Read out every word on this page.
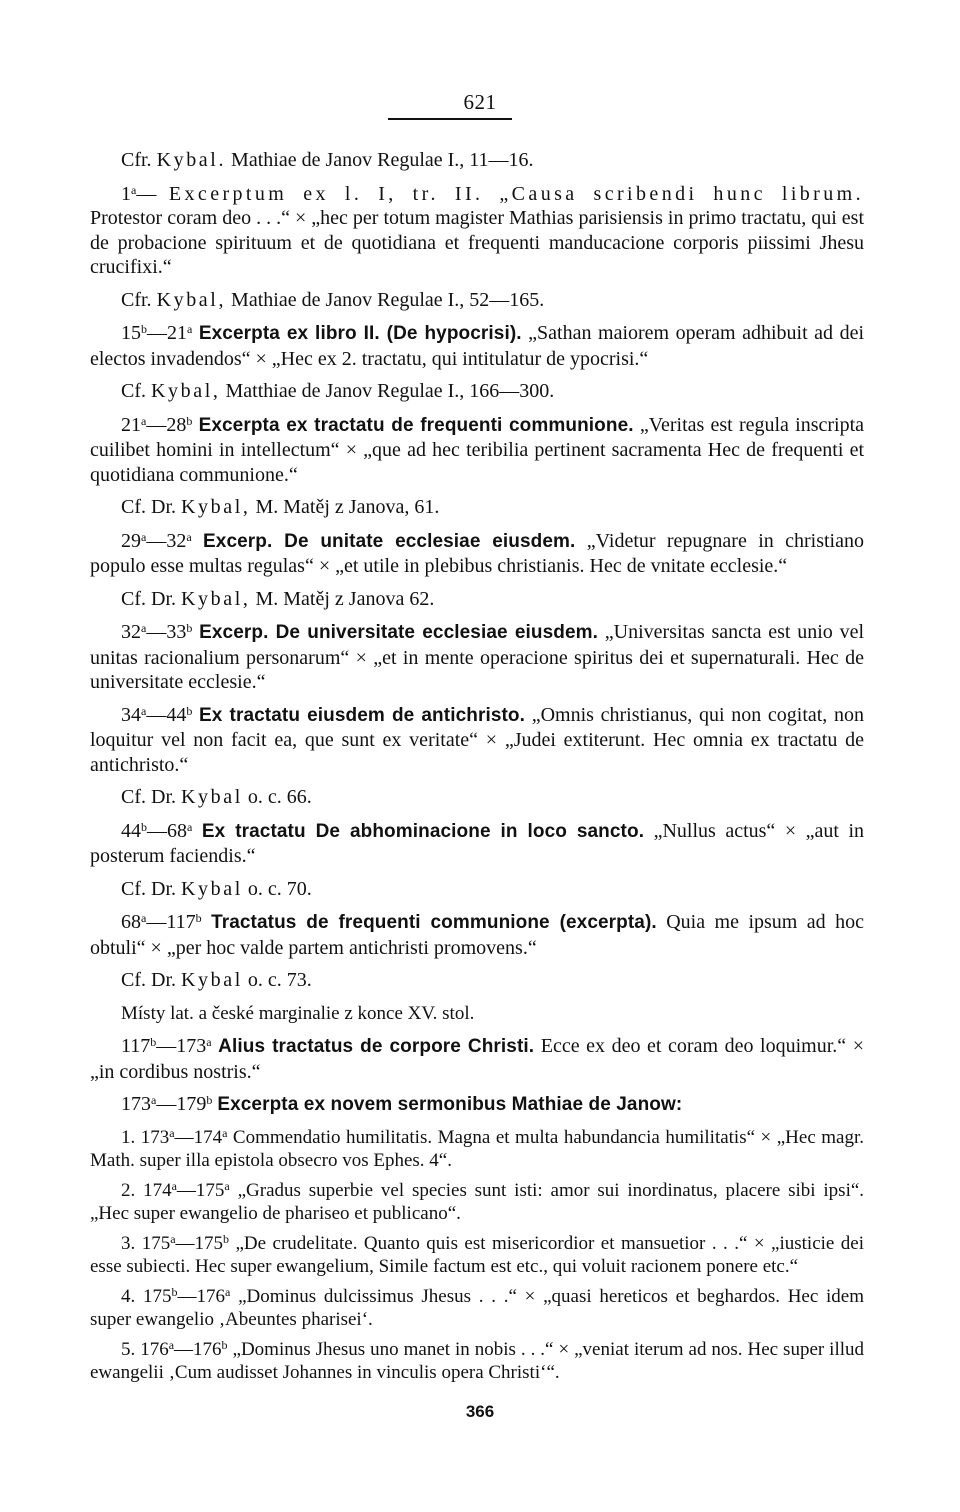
621

Cfr. Kybal. Mathiae de Janov Regulae I., 11—16.

1$^a$— Excerptum ex l. I, tr. II. „Causa scribendi hunc librum. Protestor coram deo . . .“ × „hec per totum magister Mathias parisiensis in primo tractatu, qui est de probacione spirituum et de quotidiana et frequenti manducacione corporis piissimi Jhesu crucifixi.“

Cfr. Kybal, Mathiae de Janov Regulae I., 52—165.

15$^b$—21$^a$ Excerpta ex libro II. (De hypocrisi). „Sathan maiorem operam adhibuit ad dei electos invadendos“ × „Hec ex 2. tractatu, qui intitulatur de ypocrisi.“

Cf. Kybal, Matthiae de Janov Regulae I., 166—300.

21$^a$—28$^b$ Excerpta ex tractatu de frequenti communione. „Veritas est regula inscripta cuilibet homini in intellectum“ × „que ad hec teribilia pertinent sacramenta Hec de frequenti et quotidiana communione.“

Cf. Dr. Kybal, M. Matěj z Janova, 61.

29$^a$—32$^a$ Excerp. De unitate ecclesiae eiusdem. „Videtur repugnare in christiano populo esse multas regulas“ × „et utile in plebibus christianis. Hec de vnitate ecclesie.“

Cf. Dr. Kybal, M. Matěj z Janova 62.

32$^a$—33$^b$ Excerp. De universitate ecclesiae eiusdem. „Universitas sancta est unio vel unitas racionalium personarum“ × „et in mente operacione spiritus dei et supernaturali. Hec de universitate ecclesie.“

34$^a$—44$^b$ Ex tractatu eiusdem de antichristo. „Omnis christianus, qui non cogitat, non loquitur vel non facit ea, que sunt ex veritate“ × „Judei extiterunt. Hec omnia ex tractatu de antichristo.“

Cf. Dr. Kybal o. c. 66.

44$^b$—68$^a$ Ex tractatu De abhominacione in loco sancto. „Nullus actus“ × „aut in posterum faciendis.“

Cf. Dr. Kybal o. c. 70.

68$^a$—117$^b$ Tractatus de frequenti communione (excerpta). Quia me ipsum ad hoc obtuli“ × „per hoc valde partem antichristi promovens.“

Cf. Dr. Kybal o. c. 73.

Místy lat. a české marginalie z konce XV. stol.

117$^b$—173$^a$ Alius tractatus de corpore Christi. Ecce ex deo et coram deo loquimur.“ × „in cordibus nostris.“

173$^a$—179$^b$ Excerpta ex novem sermonibus Mathiae de Janow:

1. 173$^a$—174$^a$ Commendatio humilitatis. Magna et multa habundancia humilitatis“ × „Hec magr. Math. super illa epistola obsecro vos Ephes. 4“.

2. 174$^a$—175$^a$ „Gradus superbie vel species sunt isti: amor sui inordinatus, placere sibi ipsi“. „Hec super ewangelio de phariseo et publicano“.

3. 175$^a$—175$^b$ „De crudelitate. Quanto quis est misericordior et mansuetior . . .“ × „iusticie dei esse subiecti. Hec super ewangelium, Simile factum est etc., qui voluit racionem ponere etc.“

4. 175$^b$—176$^a$ „Dominus dulcissimus Jhesus . . .“ × „quasi hereticos et beghardos. Hec idem super ewangelio ‚Abeuntes pharisei‘.

5. 176$^a$—176$^b$ „Dominus Jhesus uno manet in nobis . . .“ × „veniat iterum ad nos. Hec super illud ewangelii ‚Cum audisset Johannes in vinculis opera Christi‘“.

366
